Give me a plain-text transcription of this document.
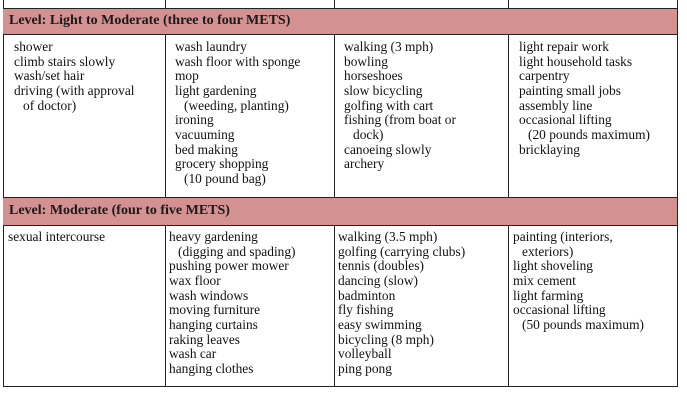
Level: Light to Moderate (three to four METS)
shower
climb stairs slowly
wash/set hair
driving (with approval
of doctor)
wash laundry
wash floor with sponge
mop
light gardening
(weeding, planting)
ironing
vacuuming
bed making
grocery shopping
(10 pound bag)
walking (3 mph)
bowling
horseshoes
slow bicycling
golfing with cart
fishing (from boat or
dock)
canoeing slowly
archery
light repair work
light household tasks
carpentry
painting small jobs
assembly line
occasional lifting
(20 pounds maximum)
bricklaying
Level: Moderate (four to five METS)
sexual intercourse	heavy gardening
(digging and spading)
pushing power mower
wax floor
wash windows
moving furniture
hanging curtains
raking leaves
wash car
hanging clothes
walking (3.5 mph)
golfing (carrying clubs)
tennis (doubles)
dancing (slow)
badminton
fly fishing
easy swimming
bicycling (8 mph)
volleyball
ping pong
painting (interiors,
exteriors)
light shoveling
mix cement
light farming
occasional lifting
(50 pounds maximum)
